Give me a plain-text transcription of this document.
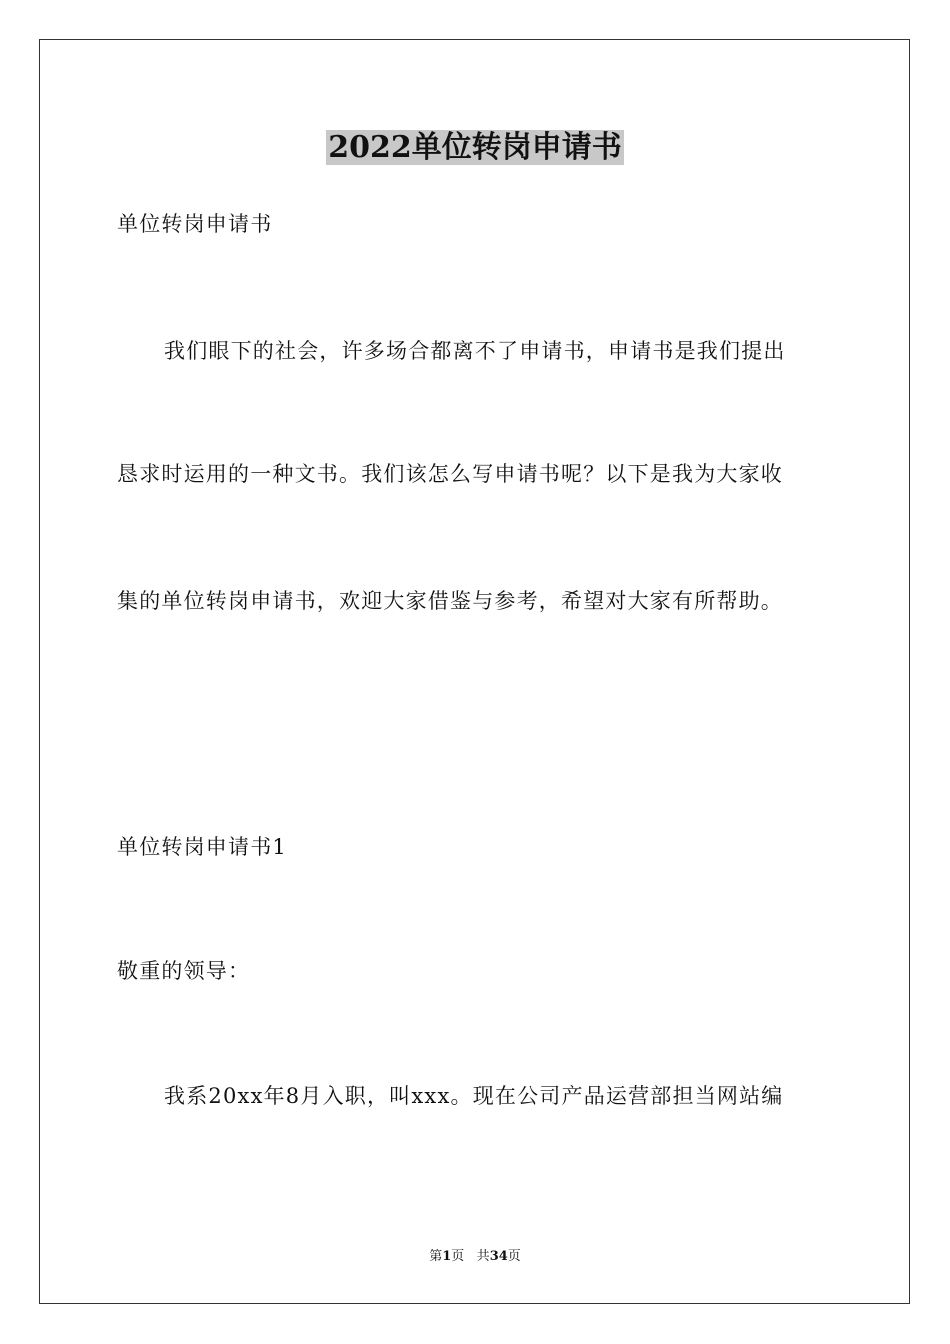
2022单位转岗申请书
单位转岗申请书
我们眼下的社会，许多场合都离不了申请书，申请书是我们提出
恳求时运用的一种文书。我们该怎么写申请书呢？以下是我为大家收
集的单位转岗申请书，欢迎大家借鉴与参考，希望对大家有所帮助。
单位转岗申请书1
敬重的领导：
我系20xx年8月入职，叫xxx。现在公司产品运营部担当网站编
第1页 共34页
